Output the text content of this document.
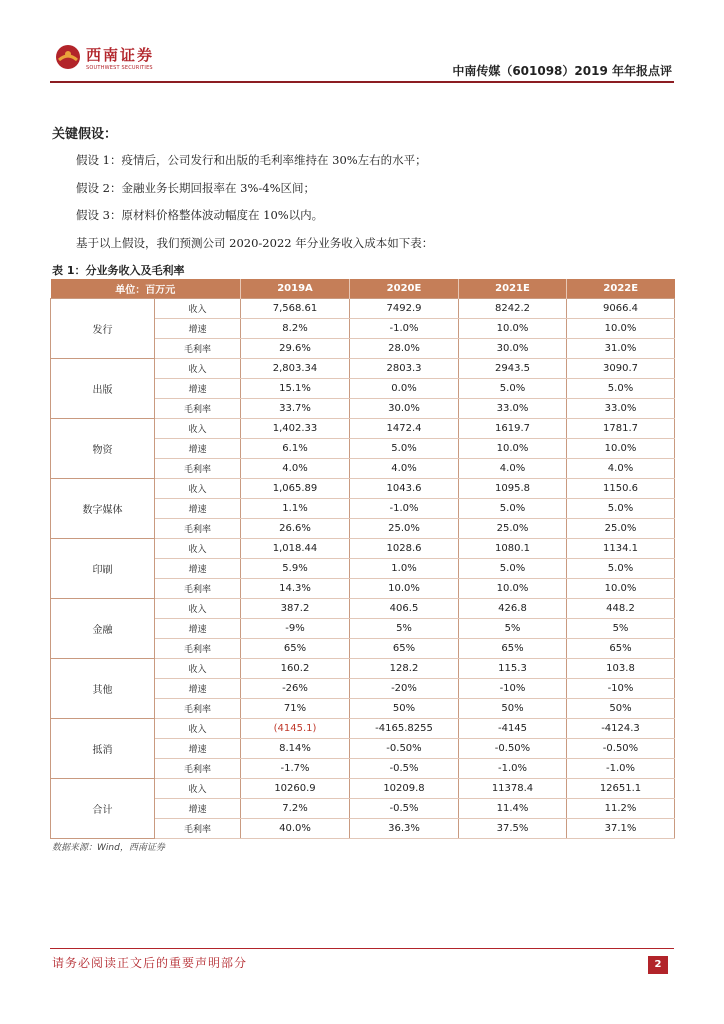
西南证券
SOUTHWEST SECURITIES	中南传媒（601098）2019 年年报点评
关键假设：
假设 1：疫情后，公司发行和出版的毛利率维持在 30%左右的水平；
假设 2：金融业务长期回报率在 3%-4%区间；
假设 3：原材料价格整体波动幅度在 10%以内。
基于以上假设，我们预测公司 2020-2022 年分业务收入成本如下表：
表 1：分业务收入及毛利率
单位：百万元		2019A	2020E	2021E	2022E
发行	收入	7,568.61	7492.9	8242.2	9066.4
	增速	8.2%	-1.0%	10.0%	10.0%
	毛利率	29.6%	28.0%	30.0%	31.0%
出版	收入	2,803.34	2803.3	2943.5	3090.7
	增速	15.1%	0.0%	5.0%	5.0%
	毛利率	33.7%	30.0%	33.0%	33.0%
物资	收入	1,402.33	1472.4	1619.7	1781.7
	增速	6.1%	5.0%	10.0%	10.0%
	毛利率	4.0%	4.0%	4.0%	4.0%
数字媒体	收入	1,065.89	1043.6	1095.8	1150.6
	增速	1.1%	-1.0%	5.0%	5.0%
	毛利率	26.6%	25.0%	25.0%	25.0%
印刷	收入	1,018.44	1028.6	1080.1	1134.1
	增速	5.9%	1.0%	5.0%	5.0%
	毛利率	14.3%	10.0%	10.0%	10.0%
金融	收入	387.2	406.5	426.8	448.2
	增速	-9%	5%	5%	5%
	毛利率	65%	65%	65%	65%
其他	收入	160.2	128.2	115.3	103.8
	增速	-26%	-20%	-10%	-10%
	毛利率	71%	50%	50%	50%
抵消	收入	(4145.1)	-4165.8255	-4145	-4124.3
	增速	8.14%	-0.50%	-0.50%	-0.50%
	毛利率	-1.7%	-0.5%	-1.0%	-1.0%
合计	收入	10260.9	10209.8	11378.4	12651.1
	增速	7.2%	-0.5%	11.4%	11.2%
	毛利率	40.0%	36.3%	37.5%	37.1%
数据来源：Wind，西南证券
请务必阅读正文后的重要声明部分	2
